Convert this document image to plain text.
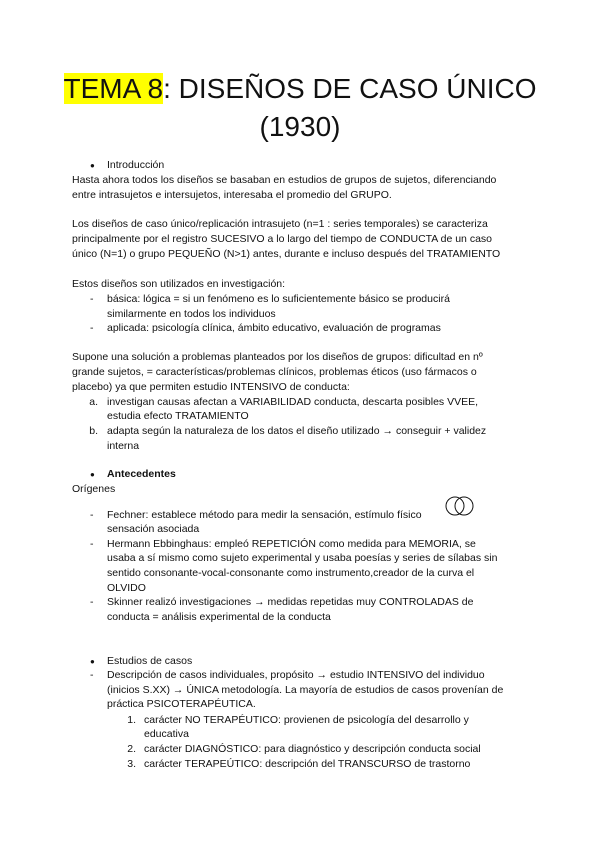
TEMA 8: DISEÑOS DE CASO ÚNICO
(1930)
● Introducción
Hasta ahora todos los diseños se basaban en estudios de grupos de sujetos, diferenciando
entre intrasujetos e intersujetos, interesaba el promedio del GRUPO.
Los diseños de caso único/replicación intrasujeto (n=1 : series temporales) se caracteriza
principalmente por el registro SUCESIVO a lo largo del tiempo de CONDUCTA de un caso
único (N=1) o grupo PEQUEÑO (N>1) antes, durante e incluso después del TRATAMIENTO
Estos diseños son utilizados en investigación:
- básica: lógica = si un fenómeno es lo suficientemente básico se producirá
similarmente en todos los individuos
- aplicada: psicología clínica, ámbito educativo, evaluación de programas
Supone una solución a problemas planteados por los diseños de grupos: dificultad en nº
grande sujetos, = características/problemas clínicos, problemas éticos (uso fármacos o
placebo) ya que permiten estudio INTENSIVO de conducta:
a. investigan causas afectan a VARIABILIDAD conducta, descarta posibles VVEE,
estudia efecto TRATAMIENTO
b. adapta según la naturaleza de los datos el diseño utilizado → conseguir + validez
interna
● Antecedentes
Orígenes
- Fechner: establece método para medir la sensación, estímulo físico
sensación asociada
- Hermann Ebbinghaus: empleó REPETICIÓN como medida para MEMORIA, se
usaba a sí mismo como sujeto experimental y usaba poesías y series de sílabas sin
sentido consonante-vocal-consonante como instrumento,creador de la curva el
OLVIDO
- Skinner realizó investigaciones → medidas repetidas muy CONTROLADAS de
conducta = análisis experimental de la conducta
● Estudios de casos
- Descripción de casos individuales, propósito → estudio INTENSIVO del individuo
(inicios S.XX) → ÚNICA metodología. La mayoría de estudios de casos provenían de
práctica PSICOTERAPÉUTICA.
1. carácter NO TERAPÉUTICO: provienen de psicología del desarrollo y
educativa
2. carácter DIAGNÓSTICO: para diagnóstico y descripción conducta social
3. carácter TERAPEÚTICO: descripción del TRANSCURSO de trastorno
